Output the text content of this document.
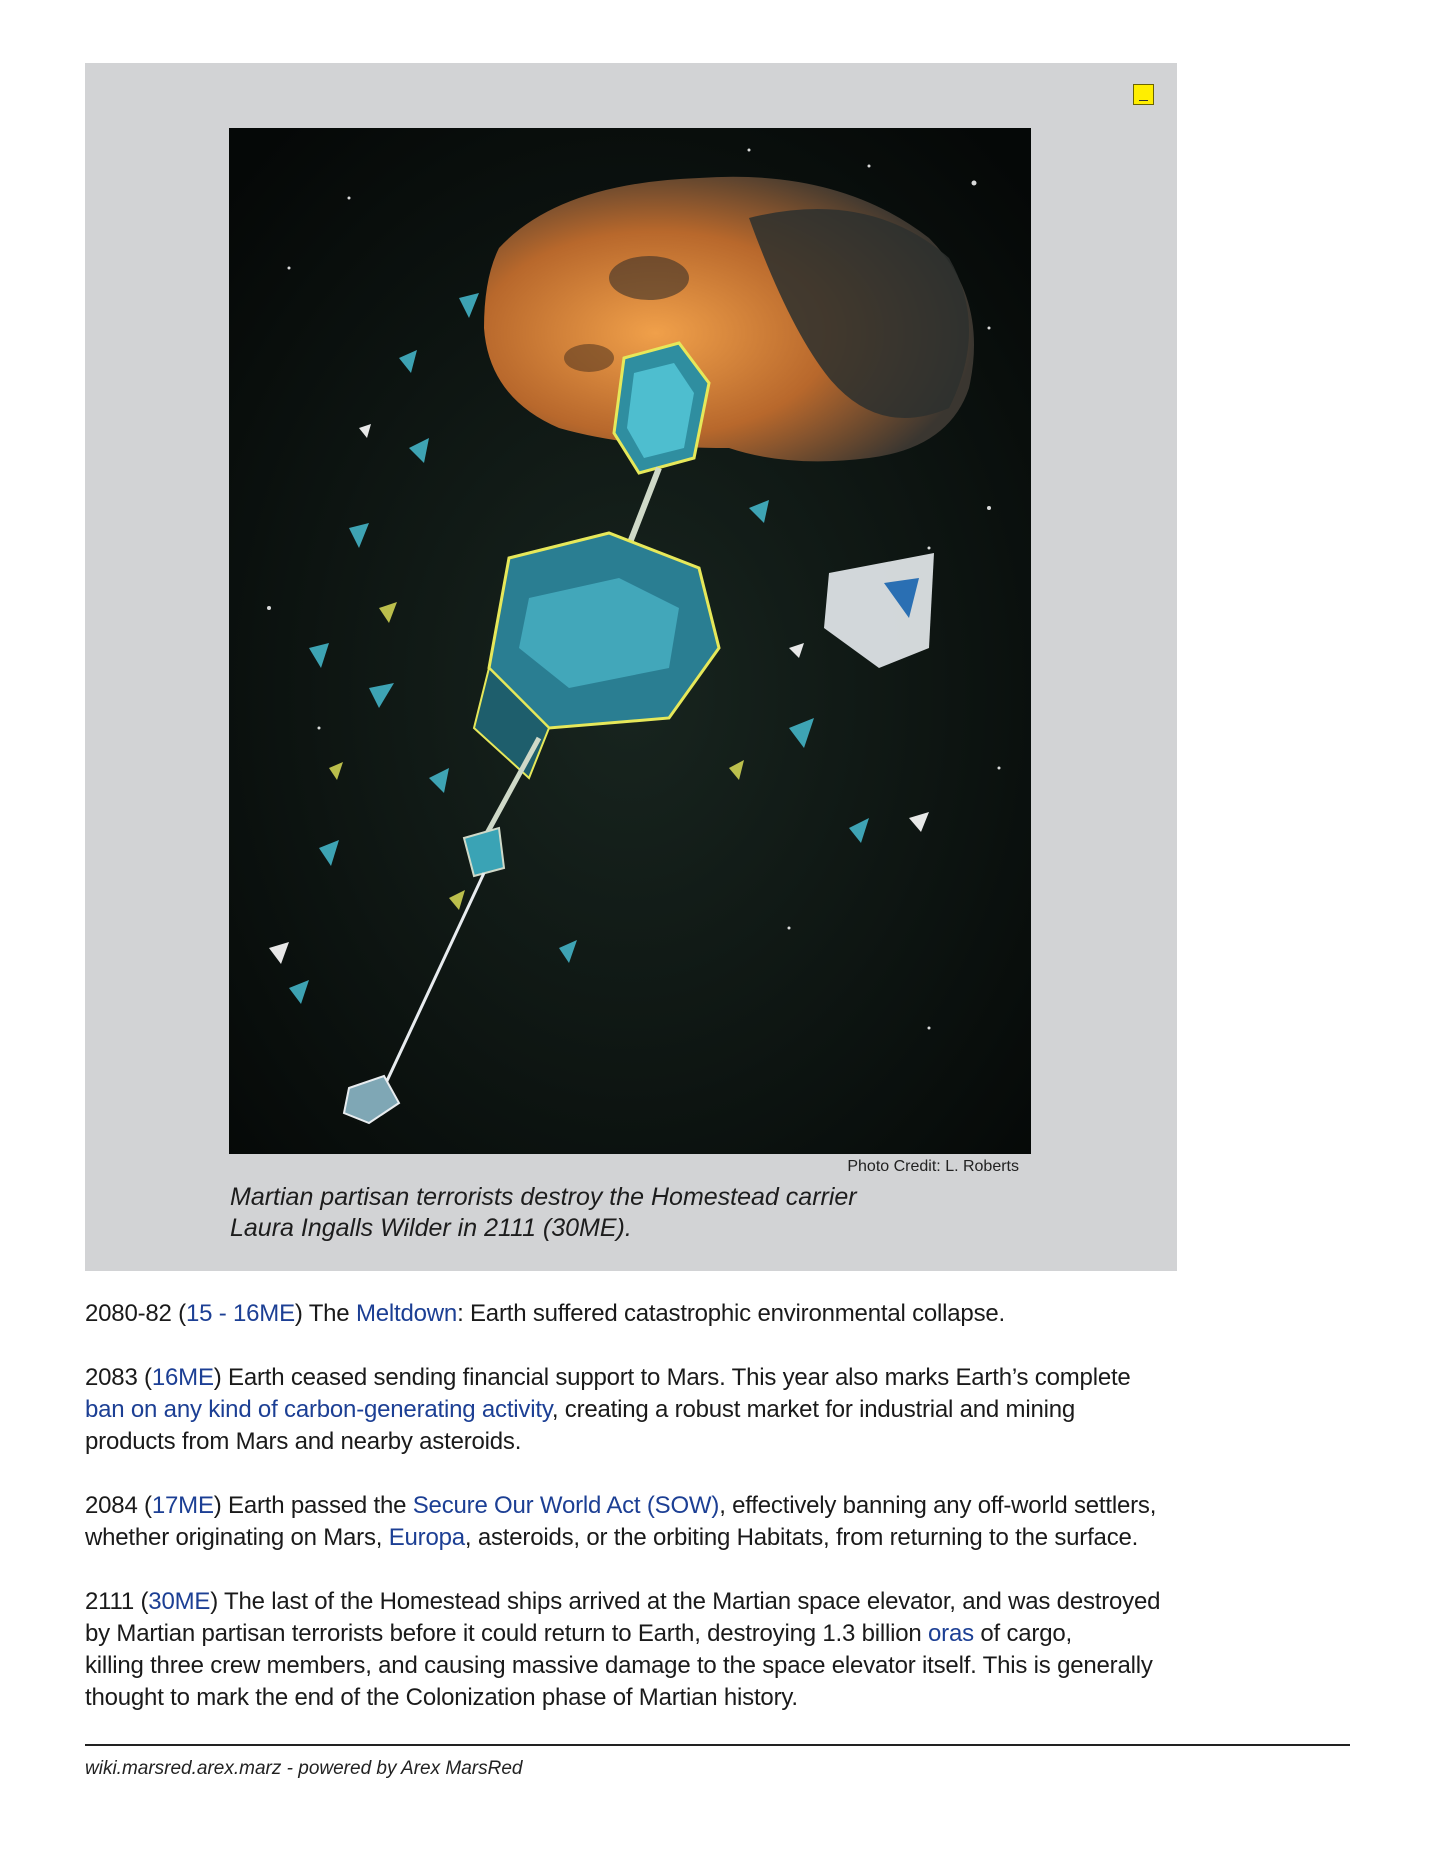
Photo Credit: L. Roberts
Martian partisan terrorists destroy the Homestead carrier
Laura Ingalls Wilder in 2111 (30ME).
2080-82 (15 - 16ME) The Meltdown: Earth suffered catastrophic environmental collapse.
2083 (16ME) Earth ceased sending financial support to Mars. This year also marks Earth’s complete
ban on any kind of carbon-generating activity, creating a robust market for industrial and mining
products from Mars and nearby asteroids.
2084 (17ME) Earth passed the Secure Our World Act (SOW), effectively banning any off-world settlers,
whether originating on Mars, Europa, asteroids, or the orbiting Habitats, from returning to the surface.
2111 (30ME) The last of the Homestead ships arrived at the Martian space elevator, and was destroyed
by Martian partisan terrorists before it could return to Earth, destroying 1.3 billion oras of cargo,
killing three crew members, and causing massive damage to the space elevator itself. This is generally
thought to mark the end of the Colonization phase of Martian history.
wiki.marsred.arex.marz - powered by Arex MarsRed
